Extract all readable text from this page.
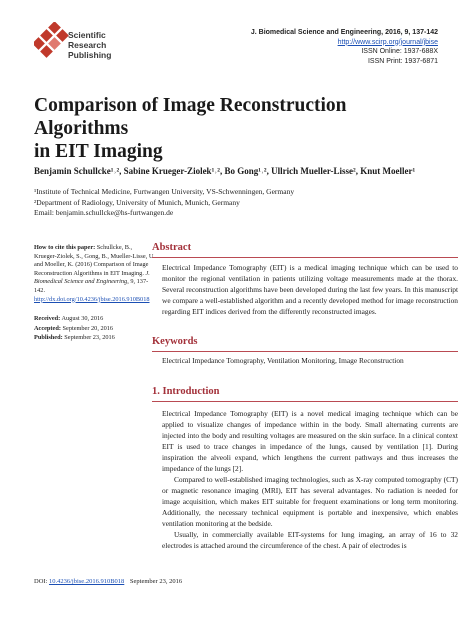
Scientific
Research
Publishing
J. Biomedical Science and Engineering, 2016, 9, 137-142
http://www.scirp.org/journal/jbise
ISSN Online: 1937-688X
ISSN Print: 1937-6871
Comparison of Image Reconstruction Algorithms
in EIT Imaging
Benjamin Schullcke¹˒², Sabine Krueger-Ziolek¹˒², Bo Gong¹˒², Ullrich Mueller-Lisse², Knut Moeller¹
¹Institute of Technical Medicine, Furtwangen University, VS-Schwenningen, Germany
²Department of Radiology, University of Munich, Munich, Germany
Email: benjamin.schullcke@hs-furtwangen.de
How to cite this paper: Schullcke, B., Krueger-Ziolek, S., Gong, B., Mueller-Lisse, U. and Moeller, K. (2016) Comparison of Image Reconstruction Algorithms in EIT Imaging. J. Biomedical Science and Engineering, 9, 137-142. http://dx.doi.org/10.4236/jbise.2016.910B018
Received: August 30, 2016
Accepted: September 20, 2016
Published: September 23, 2016
Abstract
Electrical Impedance Tomography (EIT) is a medical imaging technique which can be used to monitor the regional ventilation in patients utilizing voltage measurements made at the thorax. Several reconstruction algorithms have been developed during the last few years. In this manuscript we compare a well-established algorithm and a recently developed method for image reconstruction regarding EIT indices derived from the differently reconstructed images.
Keywords
Electrical Impedance Tomography, Ventilation Monitoring, Image Reconstruction
1. Introduction
Electrical Impedance Tomography (EIT) is a novel medical imaging technique which can be applied to visualize changes of impedance within in the body. Small alternating currents are injected into the body and resulting voltages are measured on the skin surface. In a clinical context EIT is used to trace changes in impedance of the lungs, caused by ventilation [1]. During inspiration the alveoli expand, which lengthens the current pathways and thus increases the impedance of the lungs [2].
Compared to well-established imaging technologies, such as X-ray computed tomography (CT) or magnetic resonance imaging (MRI), EIT has several advantages. No radiation is needed for image acquisition, which makes EIT suitable for frequent examinations or long term monitoring. Additionally, the necessary technical equipment is portable and inexpensive, which enables ventilation monitoring at the bedside.
Usually, in commercially available EIT-systems for lung imaging, an array of 16 to 32 electrodes is attached around the circumference of the chest. A pair of electrodes is
DOI: 10.4236/jbise.2016.910B018 September 23, 2016
